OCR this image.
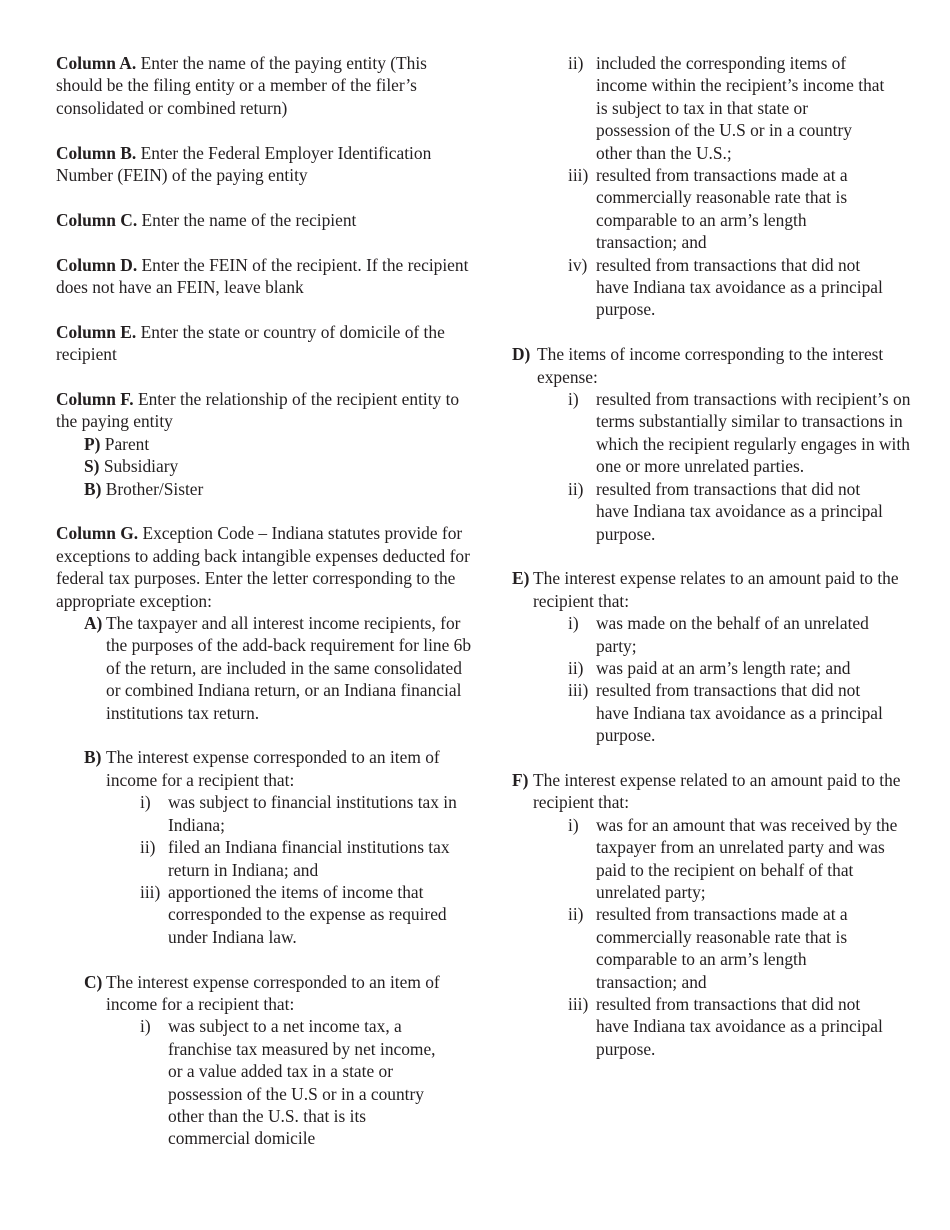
Column A. Enter the name of the paying entity (This should be the filing entity or a member of the filer’s consolidated or combined return)

Column B. Enter the Federal Employer Identification Number (FEIN) of the paying entity

Column C. Enter the name of the recipient

Column D. Enter the FEIN of the recipient. If the recipient does not have an FEIN, leave blank

Column E. Enter the state or country of domicile of the recipient

Column F. Enter the relationship of the recipient entity to the paying entity

P) Parent

S) Subsidiary

B) Brother/Sister

Column G. Exception Code – Indiana statutes provide for exceptions to adding back intangible expenses deducted for federal tax purposes. Enter the letter corresponding to the appropriate exception:

A) The taxpayer and all interest income recipients, for the purposes of the add-back requirement for line 6b of the return, are included in the same consolidated or combined Indiana return, or an Indiana financial institutions tax return.

B) The interest expense corresponded to an item of income for a recipient that:

i) was subject to financial institutions tax in Indiana;

ii) filed an Indiana financial institutions tax return in Indiana; and

iii) apportioned the items of income that corresponded to the expense as required under Indiana law.

C) The interest expense corresponded to an item of income for a recipient that:

i) was subject to a net income tax, a franchise tax measured by net income, or a value added tax in a state or possession of the U.S or in a country other than the U.S. that is its commercial domicile

ii) included the corresponding items of income within the recipient’s income that is subject to tax in that state or possession of the U.S or in a country other than the U.S.;

iii) resulted from transactions made at a commercially reasonable rate that is comparable to an arm’s length transaction; and

iv) resulted from transactions that did not have Indiana tax avoidance as a principal purpose.

D) The items of income corresponding to the interest expense:

i) resulted from transactions with recipient’s on terms substantially similar to transactions in which the recipient regularly engages in with one or more unrelated parties.

ii) resulted from transactions that did not have Indiana tax avoidance as a principal purpose.

E) The interest expense relates to an amount paid to the recipient that:

i) was made on the behalf of an unrelated party;

ii) was paid at an arm’s length rate; and

iii) resulted from transactions that did not have Indiana tax avoidance as a principal purpose.

F) The interest expense related to an amount paid to the recipient that:

i) was for an amount that was received by the taxpayer from an unrelated party and was paid to the recipient on behalf of that unrelated party;

ii) resulted from transactions made at a commercially reasonable rate that is comparable to an arm’s length transaction; and

iii) resulted from transactions that did not have Indiana tax avoidance as a principal purpose.
